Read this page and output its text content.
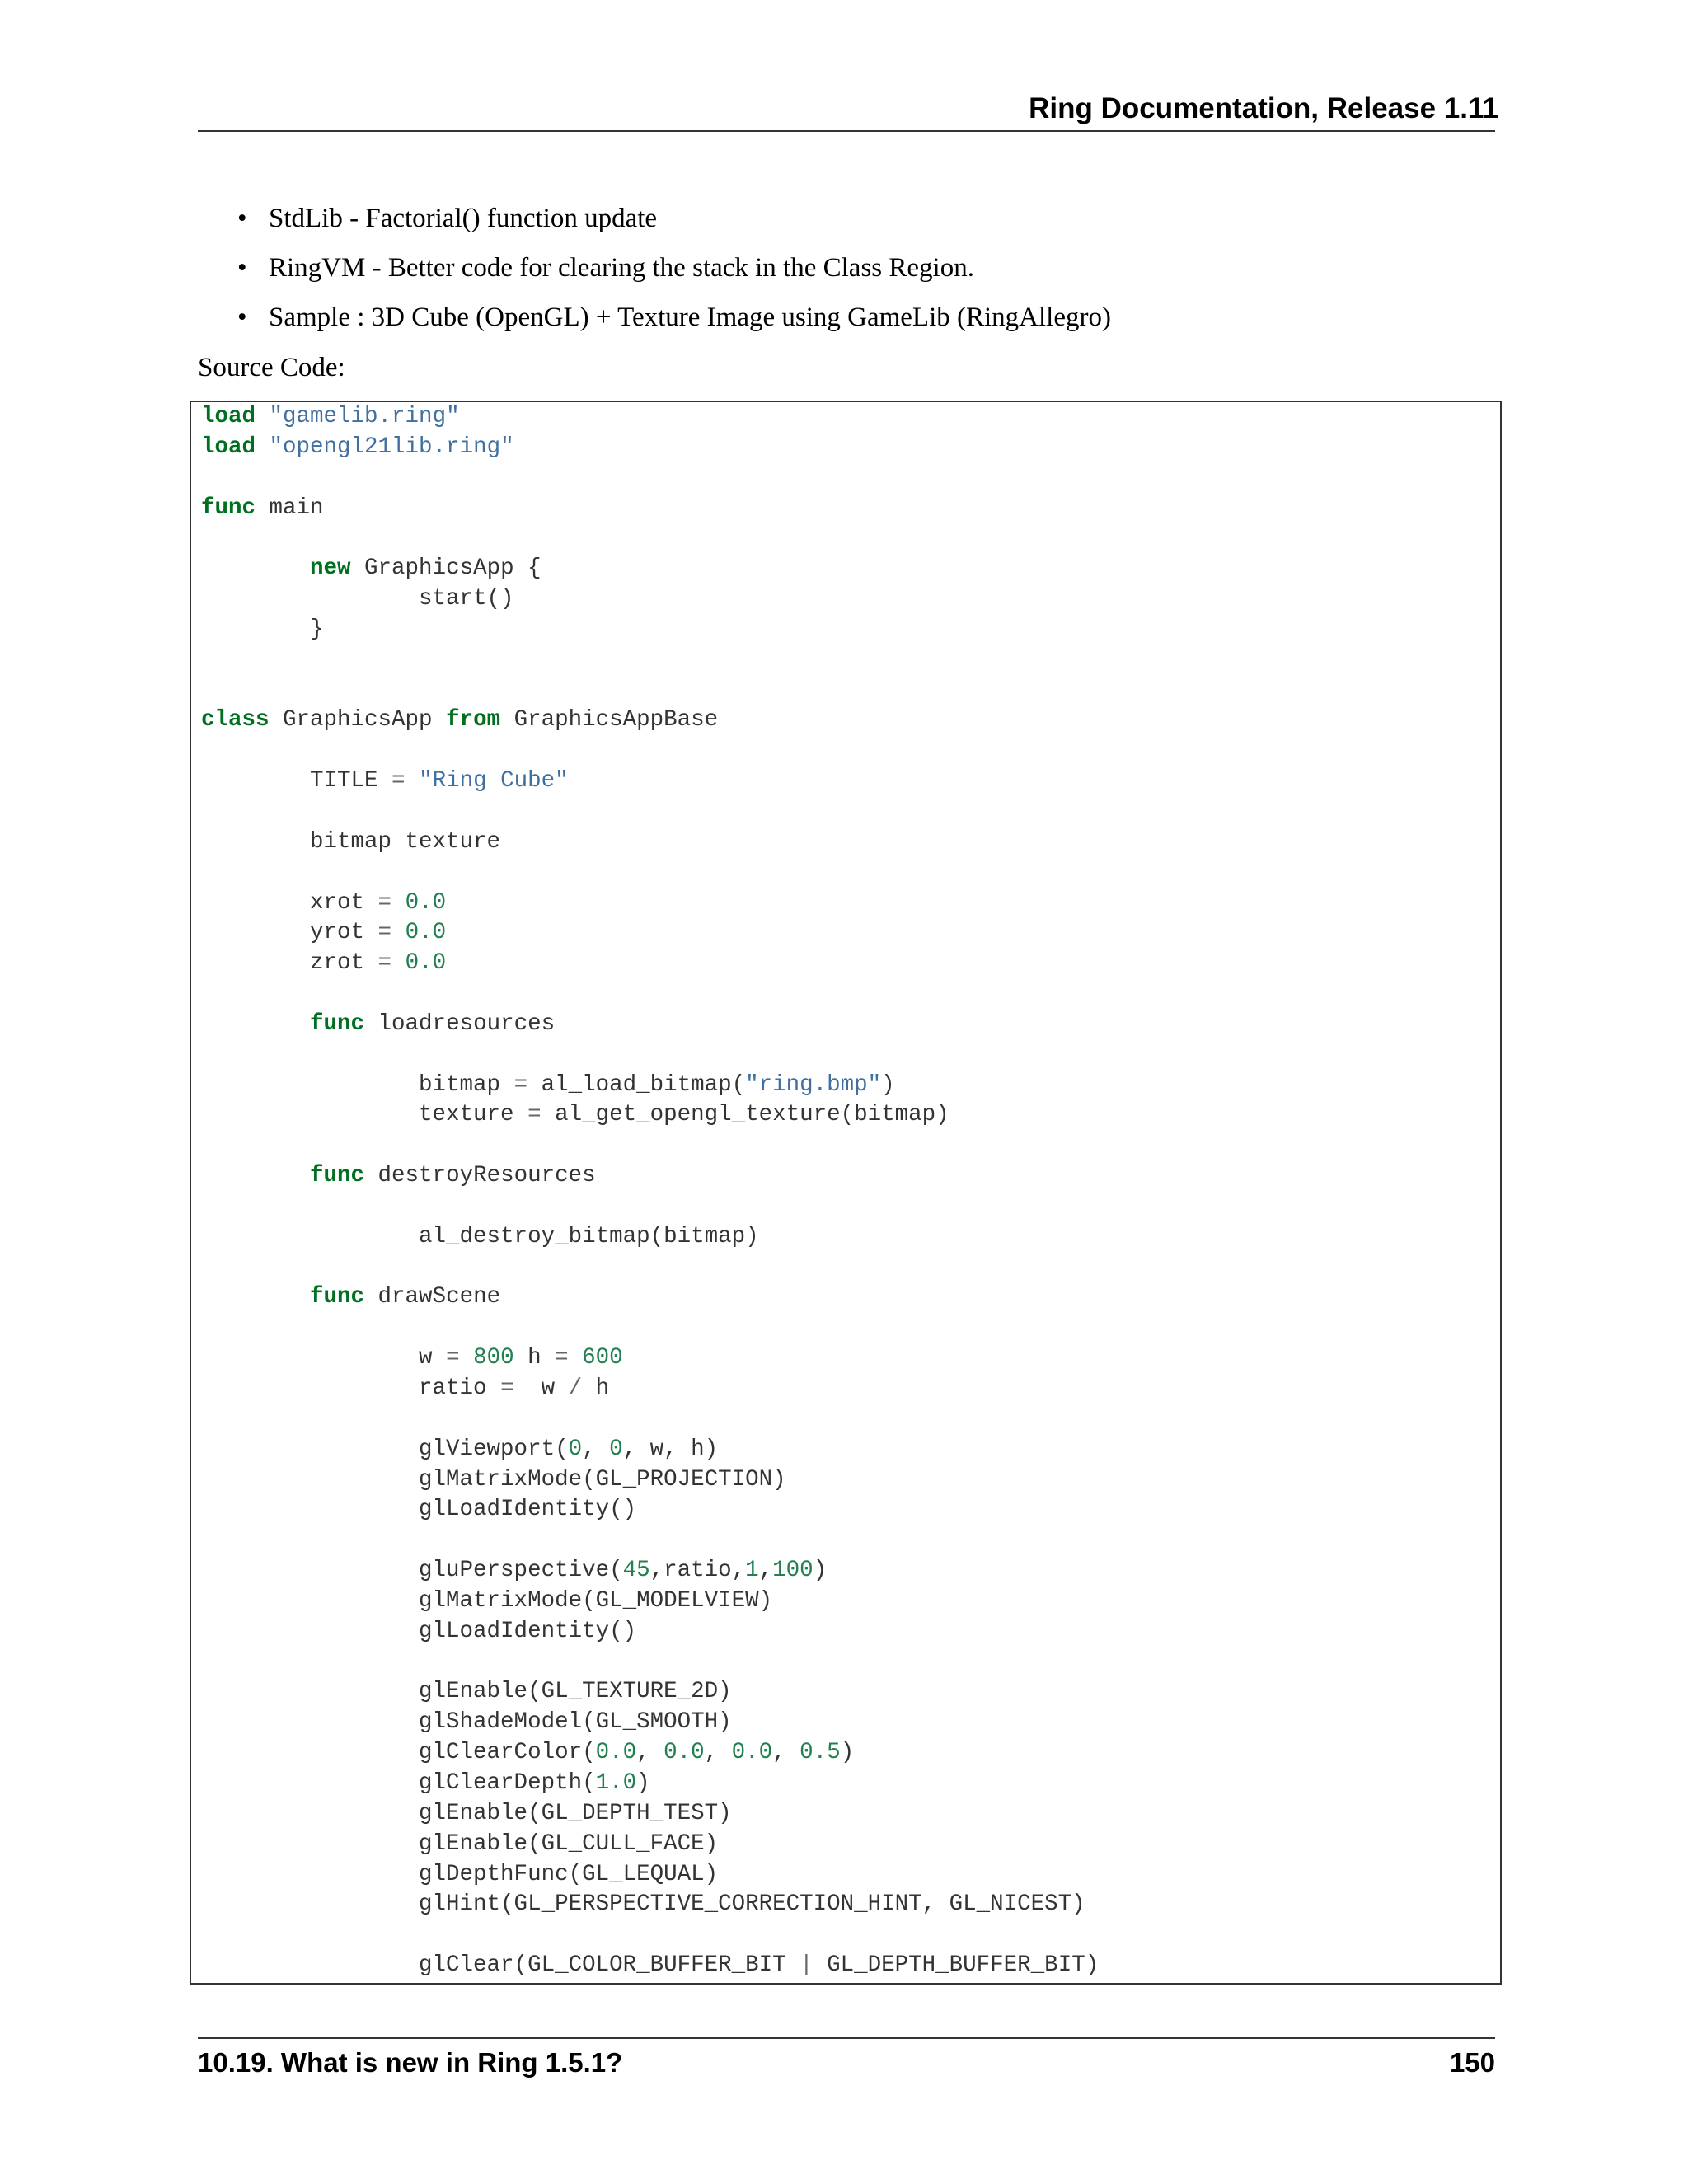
Ring Documentation, Release 1.11
• StdLib - Factorial() function update
• RingVM - Better code for clearing the stack in the Class Region.
• Sample : 3D Cube (OpenGL) + Texture Image using GameLib (RingAllegro)
Source Code:
load "gamelib.ring"
load "opengl21lib.ring"

func main

new GraphicsApp {
start()
}

class GraphicsApp from GraphicsAppBase

TITLE = "Ring Cube"

bitmap texture

xrot = 0.0
yrot = 0.0
zrot = 0.0

func loadresources

bitmap = al_load_bitmap("ring.bmp")
texture = al_get_opengl_texture(bitmap)

func destroyResources

al_destroy_bitmap(bitmap)

func drawScene

w = 800 h = 600
ratio =  w / h

glViewport(0, 0, w, h)
glMatrixMode(GL_PROJECTION)
glLoadIdentity()

gluPerspective(45,ratio,1,100)
glMatrixMode(GL_MODELVIEW)
glLoadIdentity()

glEnable(GL_TEXTURE_2D)
glShadeModel(GL_SMOOTH)
glClearColor(0.0, 0.0, 0.0, 0.5)
glClearDepth(1.0)
glEnable(GL_DEPTH_TEST)
glEnable(GL_CULL_FACE)
glDepthFunc(GL_LEQUAL)
glHint(GL_PERSPECTIVE_CORRECTION_HINT, GL_NICEST)

glClear(GL_COLOR_BUFFER_BIT | GL_DEPTH_BUFFER_BIT)
10.19. What is new in Ring 1.5.1?	150
